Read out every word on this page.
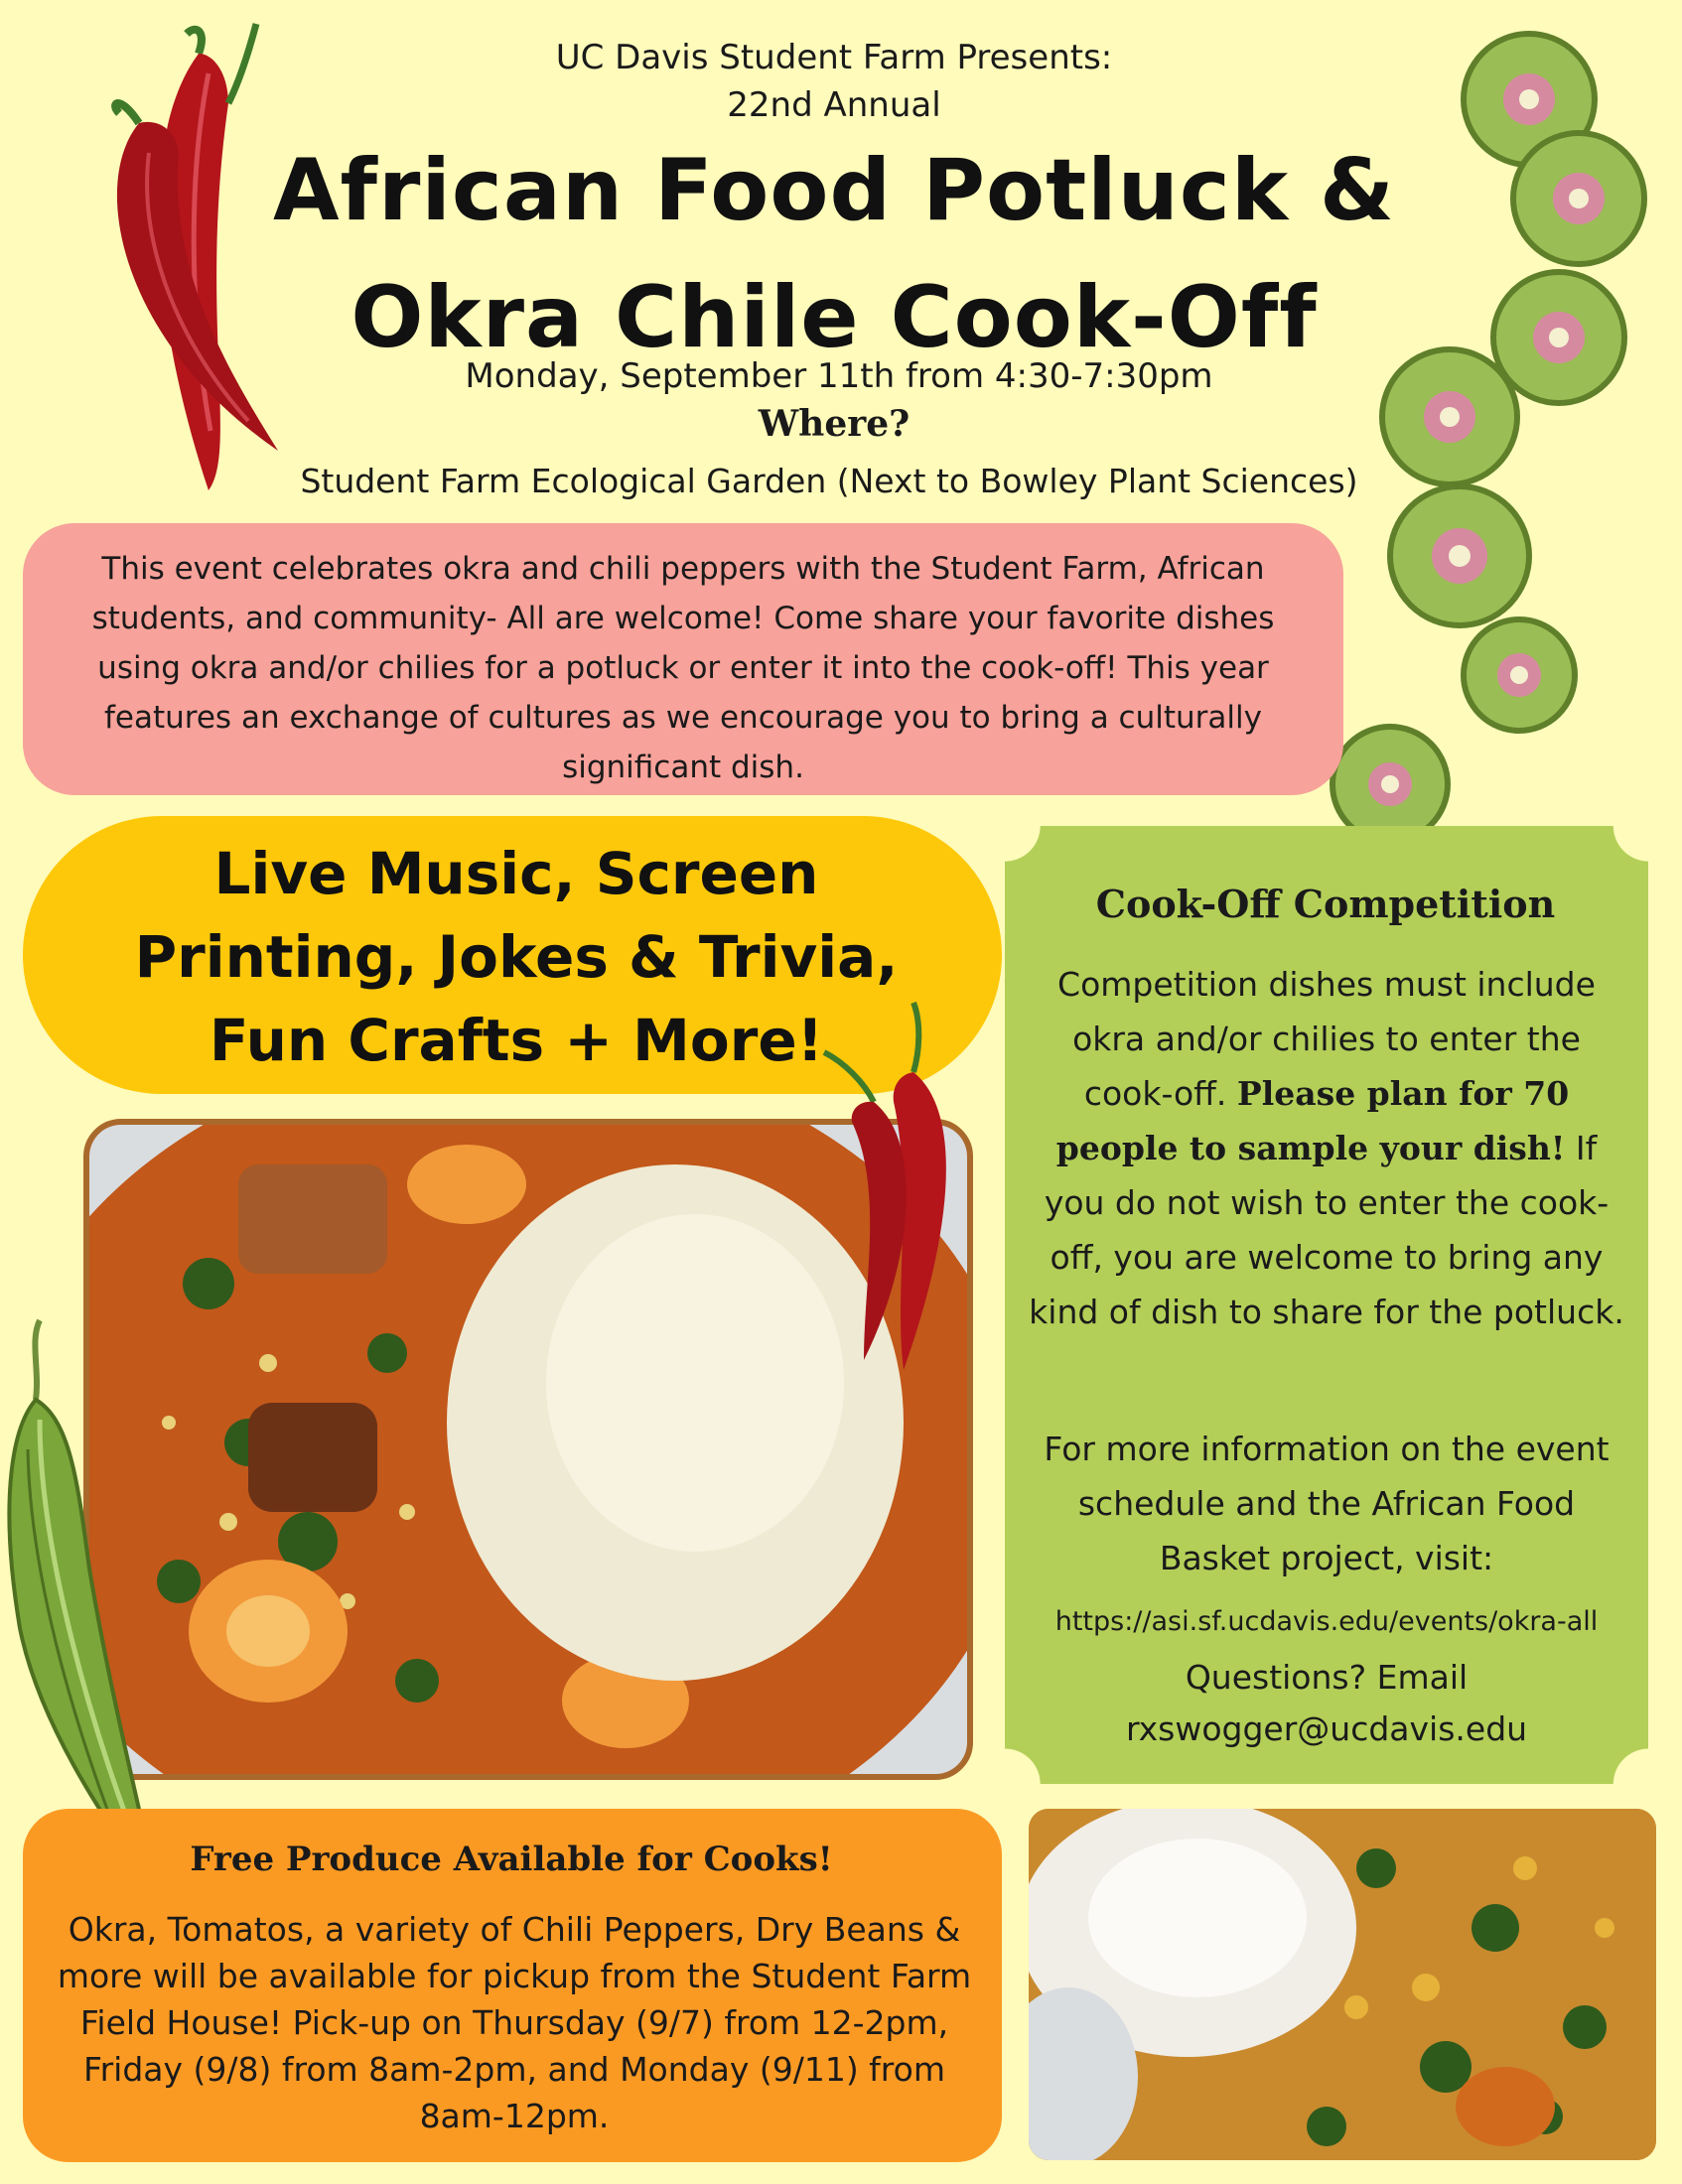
UC Davis Student Farm Presents:
22nd Annual
African Food Potluck &
Okra Chile Cook-Off
Monday, September 11th from 4:30-7:30pm
Where?
Student Farm Ecological Garden (Next to Bowley Plant Sciences)
This event celebrates okra and chili peppers with the Student Farm, African students, and community- All are welcome! Come share your favorite dishes using okra and/or chilies for a potluck or enter it into the cook-off! This year features an exchange of cultures as we encourage you to bring a culturally significant dish.
Live Music, Screen Printing, Jokes & Trivia, Fun Crafts + More!
Cook-Off Competition
Competition dishes must include okra and/or chilies to enter the cook-off. Please plan for 70 people to sample your dish! If you do not wish to enter the cook-off, you are welcome to bring any kind of dish to share for the potluck.
For more information on the event schedule and the African Food Basket project, visit:
https://asi.sf.ucdavis.edu/events/okra-all
Questions? Email
rxswogger@ucdavis.edu
Free Produce Available for Cooks!
Okra, Tomatos, a variety of Chili Peppers, Dry Beans & more will be available for pickup from the Student Farm Field House! Pick-up on Thursday (9/7) from 12-2pm, Friday (9/8) from 8am-2pm, and Monday (9/11) from 8am-12pm.
